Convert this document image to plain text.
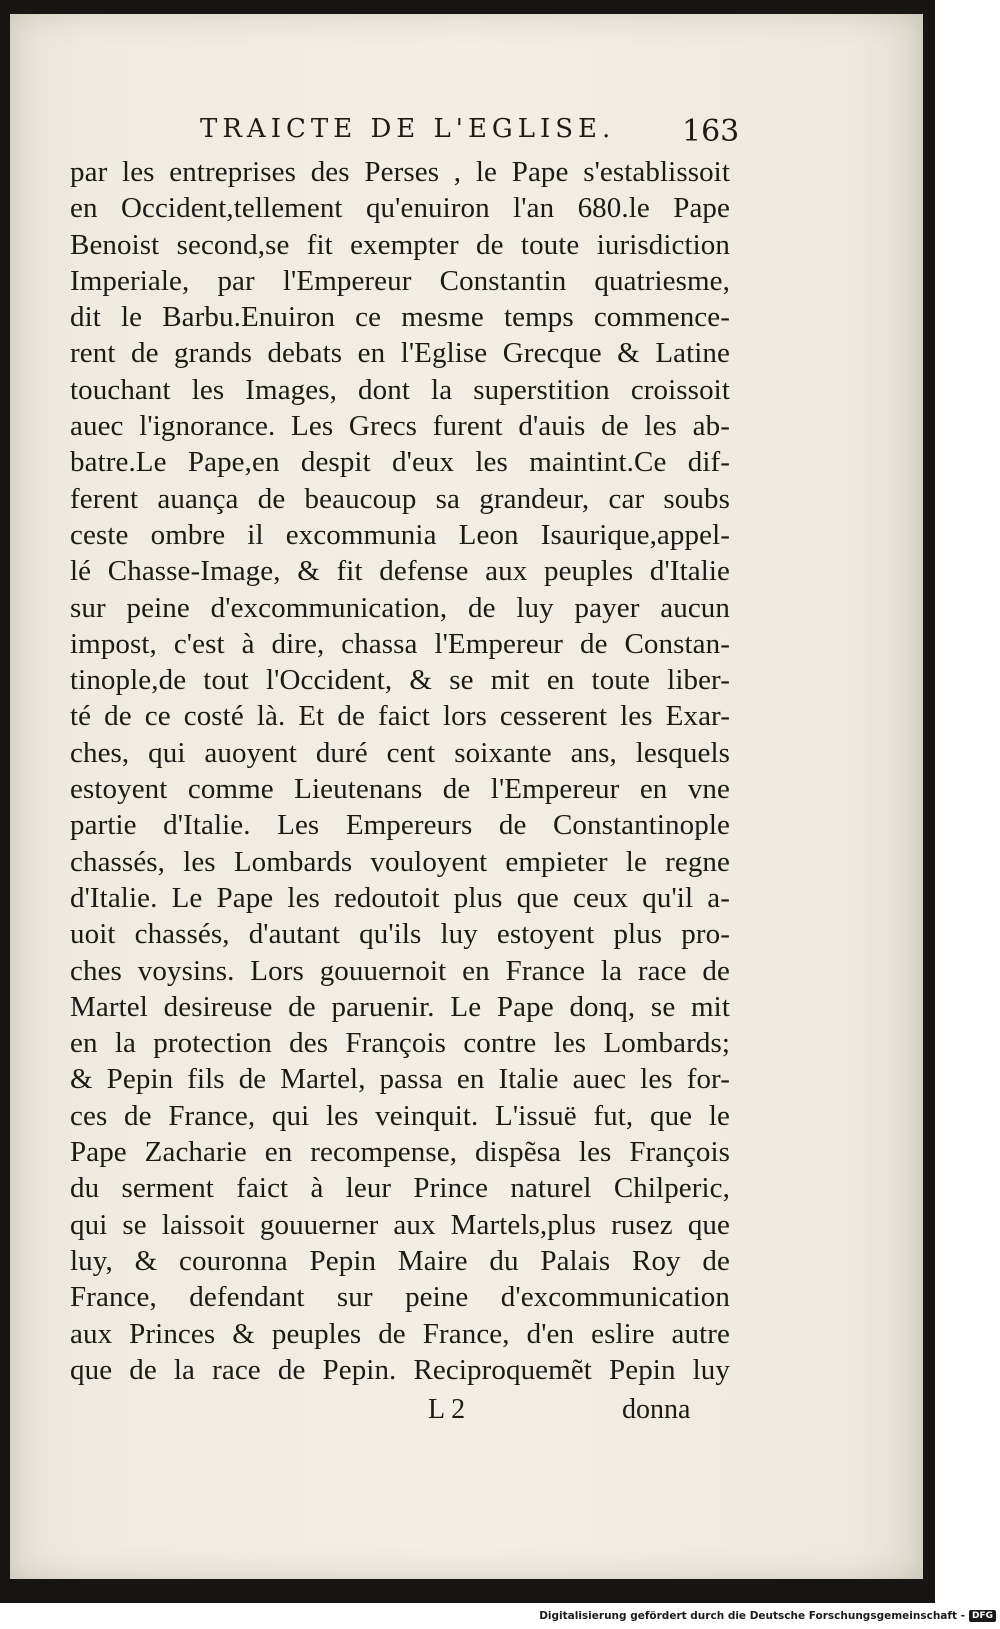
TRAICTE DE L'EGLISE.	163
par les entreprises des Perses , le Pape s'establissoit
en Occident,tellement qu'enuiron l'an 680.le Pape
Benoist second,se fit exempter de toute iurisdiction
Imperiale, par l'Empereur Constantin quatriesme,
dit le Barbu.Enuiron ce mesme temps commence-
rent de grands debats en l'Eglise Grecque & Latine
touchant les Images, dont la superstition croissoit
auec l'ignorance. Les Grecs furent d'auis de les ab-
batre.Le Pape,en despit d'eux les maintint.Ce dif-
ferent auança de beaucoup sa grandeur, car soubs
ceste ombre il excommunia Leon Isaurique,appel-
lé Chasse-Image, & fit defense aux peuples d'Italie
sur peine d'excommunication, de luy payer aucun
impost, c'est à dire, chassa l'Empereur de Constan-
tinople,de tout l'Occident, & se mit en toute liber-
té de ce costé là. Et de faict lors cesserent les Exar-
ches, qui auoyent duré cent soixante ans, lesquels
estoyent comme Lieutenans de l'Empereur en vne
partie d'Italie. Les Empereurs de Constantinople
chassés, les Lombards vouloyent empieter le regne
d'Italie. Le Pape les redoutoit plus que ceux qu'il a-
uoit chassés, d'autant qu'ils luy estoyent plus pro-
ches voysins. Lors gouuernoit en France la race de
Martel desireuse de paruenir. Le Pape donq, se mit
en la protection des François contre les Lombards;
& Pepin fils de Martel, passa en Italie auec les for-
ces de France, qui les veinquit. L'issuë fut, que le
Pape Zacharie en recompense, dispẽsa les François
du serment faict à leur Prince naturel Chilperic,
qui se laissoit gouuerner aux Martels,plus rusez que
luy, & couronna Pepin Maire du Palais Roy de
France, defendant sur peine d'excommunication
aux Princes & peuples de France, d'en eslire autre
que de la race de Pepin. Reciproquemẽt Pepin luy
L 2	donna
Digitalisierung gefördert durch die Deutsche Forschungsgemeinschaft - DFG
